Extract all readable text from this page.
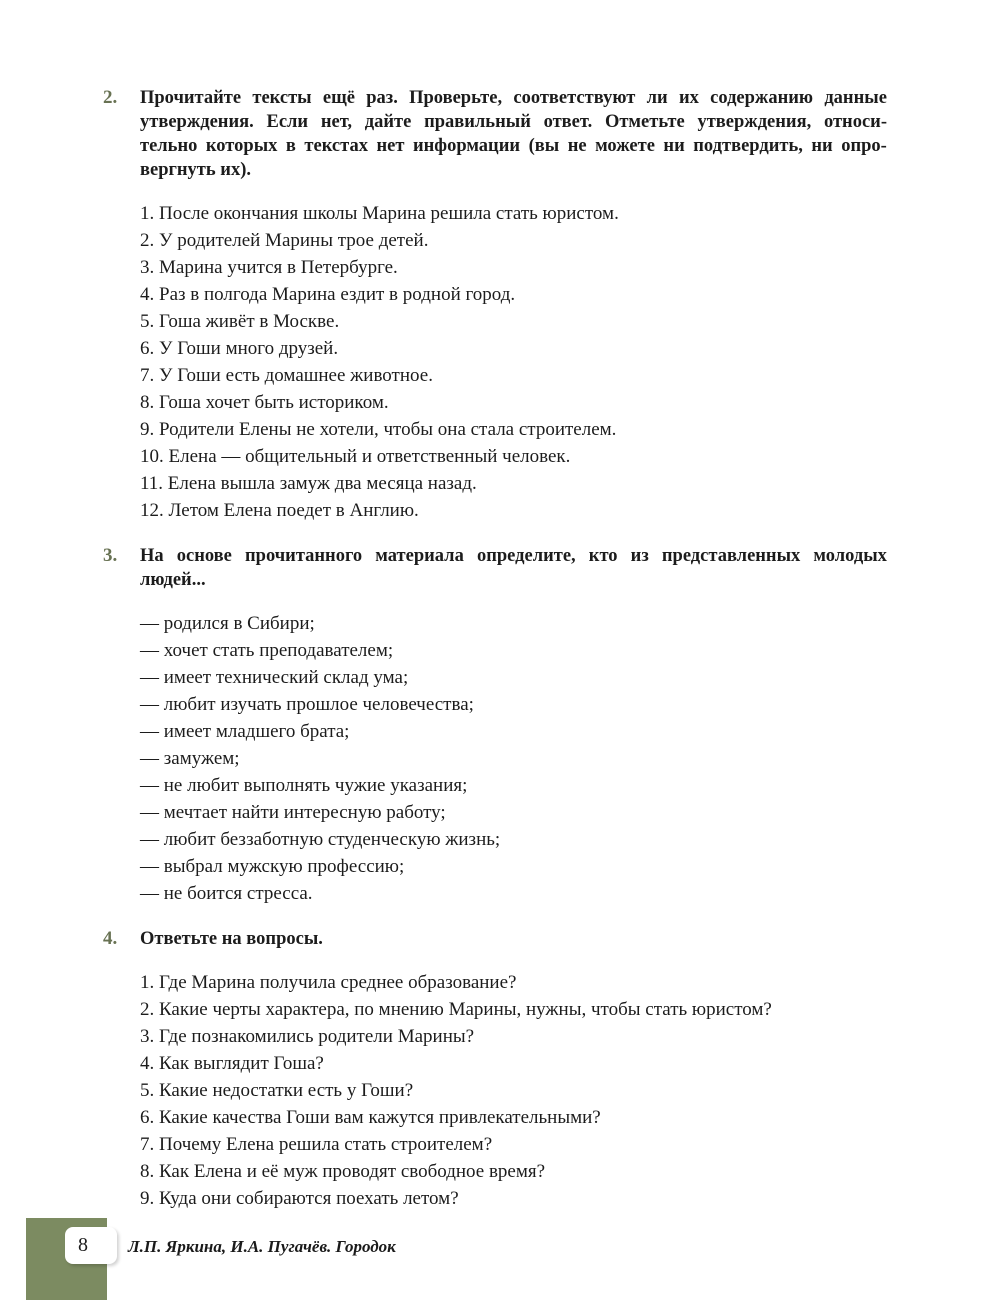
2.	Прочитайте тексты ещё раз. Проверьте, соответствуют ли их содержанию данные
утверждения. Если нет, дайте правильный ответ. Отметьте утверждения, относи-
тельно которых в текстах нет информации (вы не можете ни подтвердить, ни опро-
вергнуть их).
1. После окончания школы Марина решила стать юристом.
2. У родителей Марины трое детей.
3. Марина учится в Петербурге.
4. Раз в полгода Марина ездит в родной город.
5. Гоша живёт в Москве.
6. У Гоши много друзей.
7. У Гоши есть домашнее животное.
8. Гоша хочет быть историком.
9. Родители Елены не хотели, чтобы она стала строителем.
10. Елена — общительный и ответственный человек.
11. Елена вышла замуж два месяца назад.
12. Летом Елена поедет в Англию.
3.	На основе прочитанного материала определите, кто из представленных молодых
людей...
— родился в Сибири;
— хочет стать преподавателем;
— имеет технический склад ума;
— любит изучать прошлое человечества;
— имеет младшего брата;
— замужем;
— не любит выполнять чужие указания;
— мечтает найти интересную работу;
— любит беззаботную студенческую жизнь;
— выбрал мужскую профессию;
— не боится стресса.
4.	Ответьте на вопросы.
1. Где Марина получила среднее образование?
2. Какие черты характера, по мнению Марины, нужны, чтобы стать юристом?
3. Где познакомились родители Марины?
4. Как выглядит Гоша?
5. Какие недостатки есть у Гоши?
6. Какие качества Гоши вам кажутся привлекательными?
7. Почему Елена решила стать строителем?
8. Как Елена и её муж проводят свободное время?
9. Куда они собираются поехать летом?
8 Л.П. Яркина, И.А. Пугачёв. Городок
